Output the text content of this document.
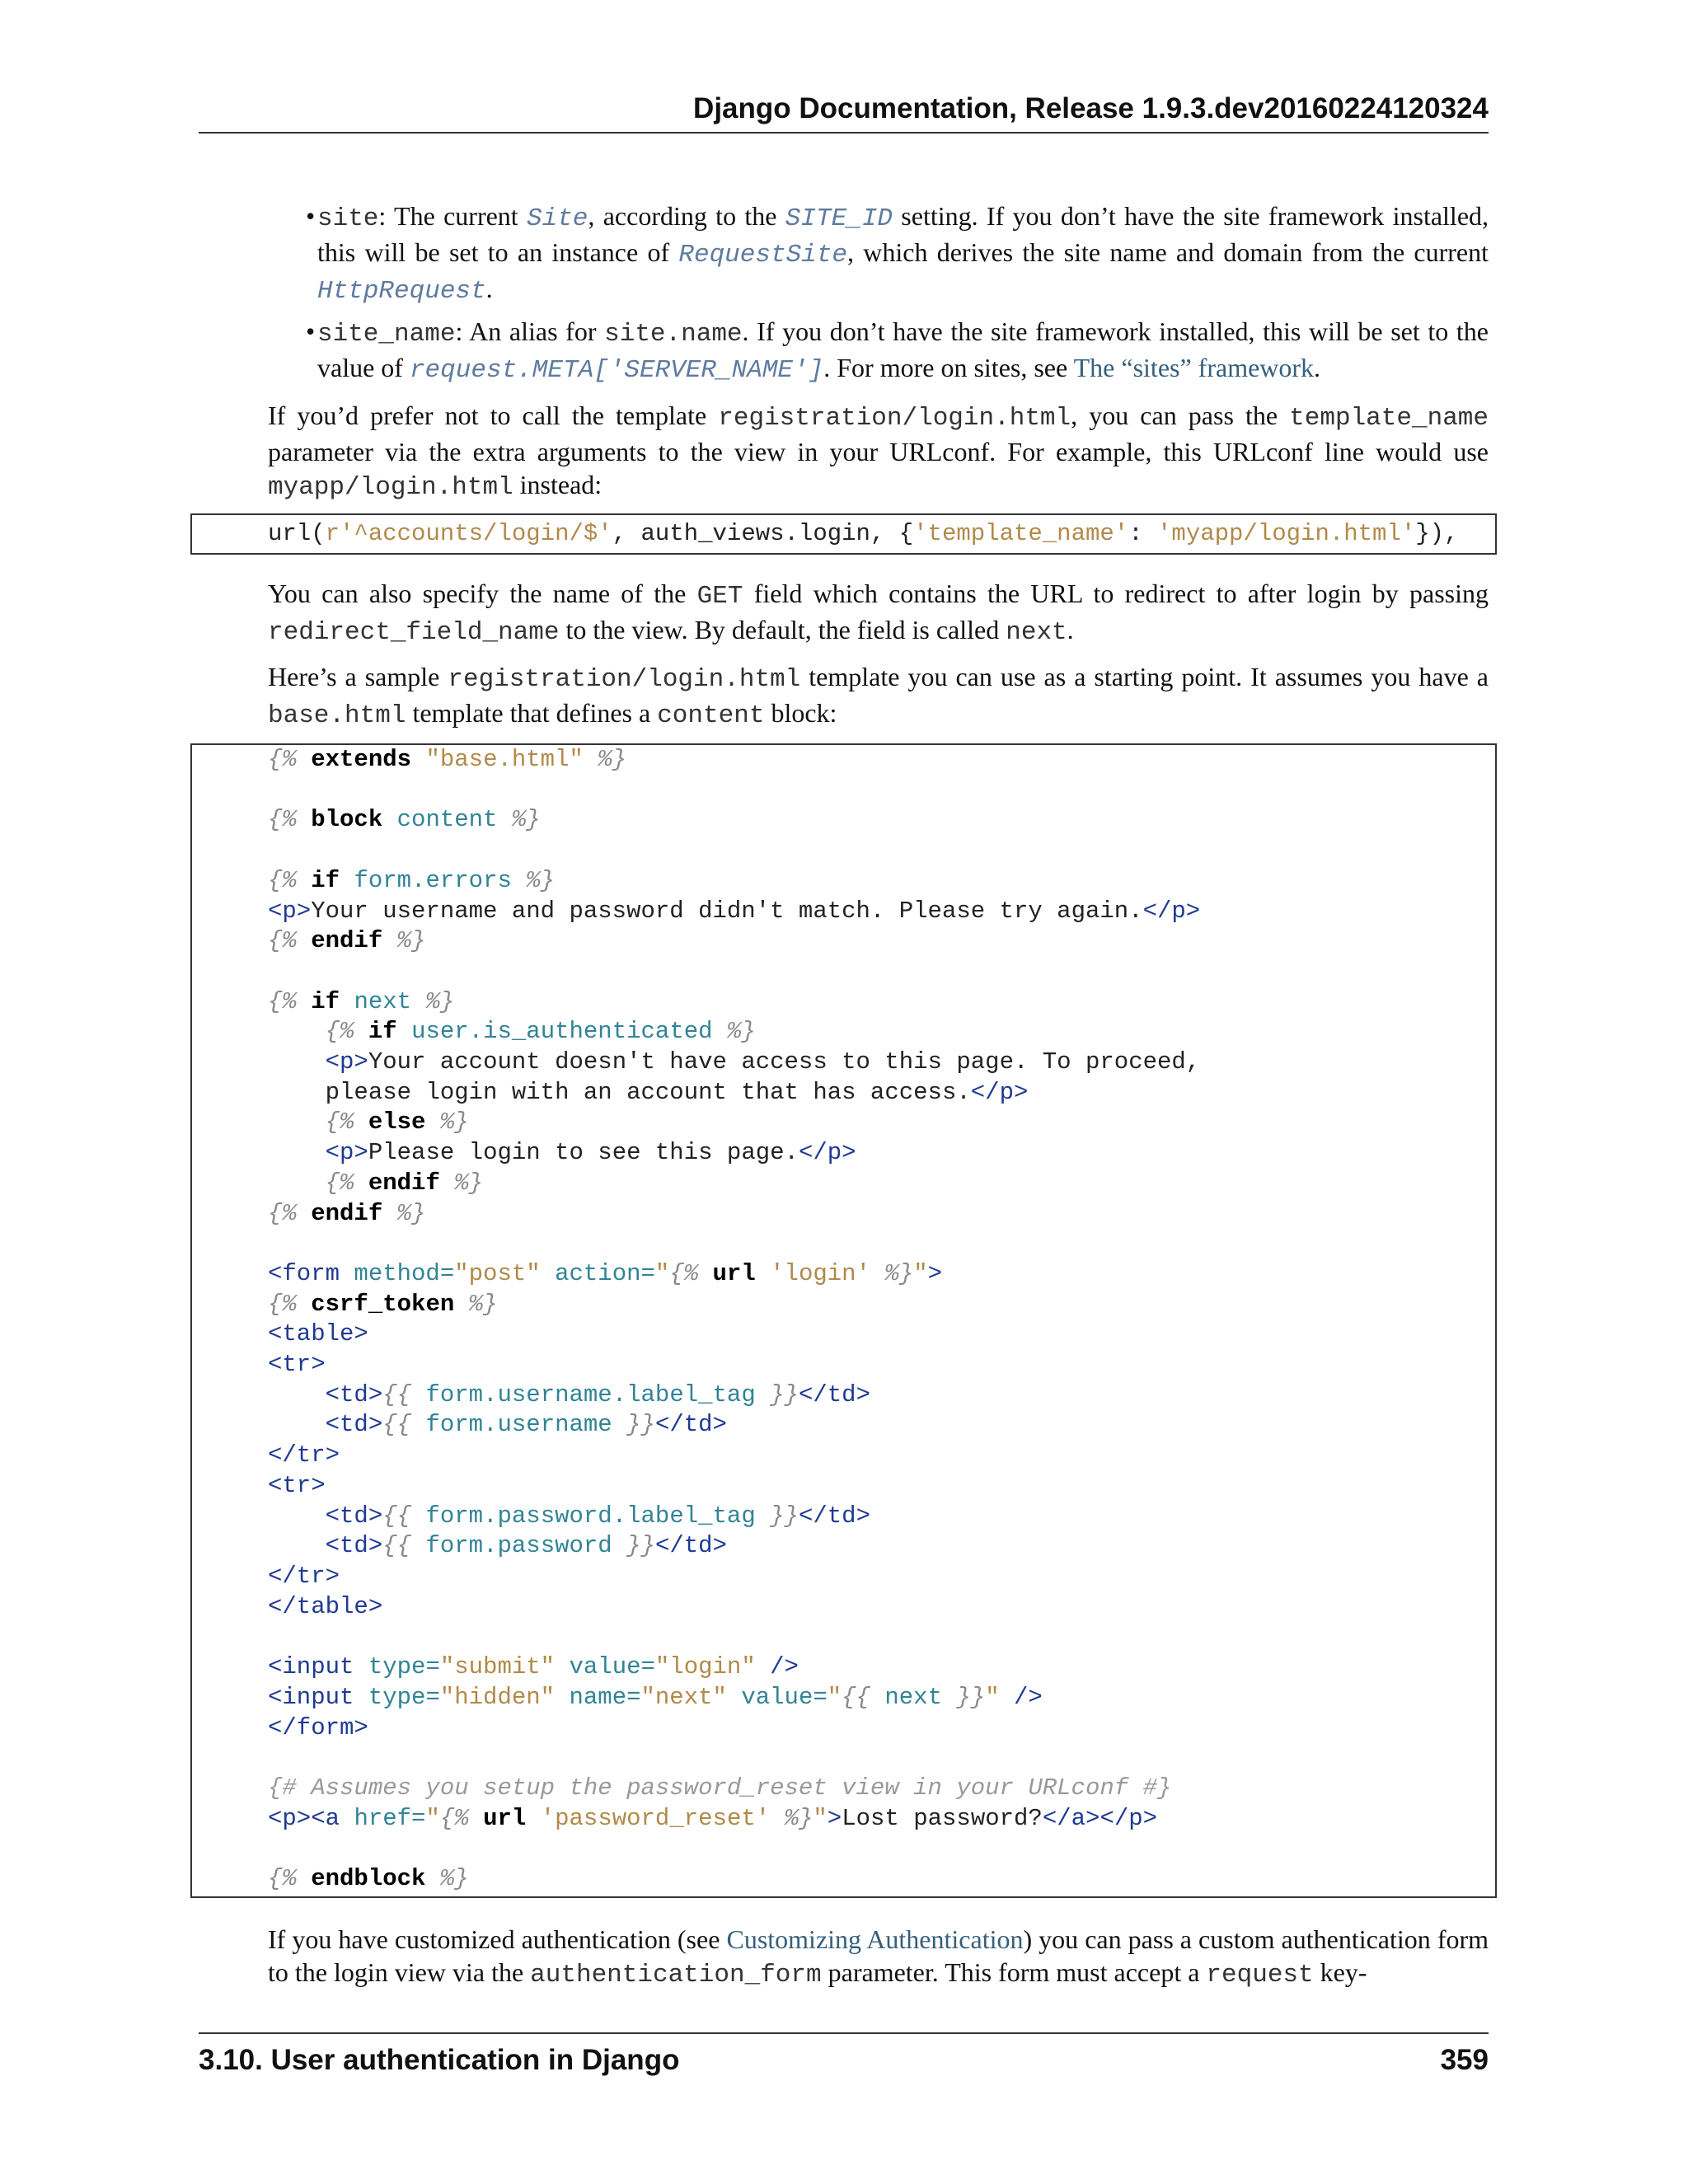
Django Documentation, Release 1.9.3.dev20160224120324
• site: The current Site, according to the SITE_ID setting. If you don’t have the site framework installed, this will be set to an instance of RequestSite, which derives the site name and domain from the current HttpRequest.
• site_name: An alias for site.name. If you don’t have the site framework installed, this will be set to the value of request.META['SERVER_NAME']. For more on sites, see The “sites” framework.
If you’d prefer not to call the template registration/login.html, you can pass the template_name parameter via the extra arguments to the view in your URLconf. For example, this URLconf line would use myapp/login.html instead:
url(r'^accounts/login/$', auth_views.login, {'template_name': 'myapp/login.html'}),
You can also specify the name of the GET field which contains the URL to redirect to after login by passing redirect_field_name to the view. By default, the field is called next.
Here’s a sample registration/login.html template you can use as a starting point. It assumes you have a base.html template that defines a content block:
{% extends "base.html" %}

{% block content %}

{% if form.errors %}
<p>Your username and password didn't match. Please try again.</p>
{% endif %}

{% if next %}
{% if user.is_authenticated %}
<p>Your account doesn't have access to this page. To proceed,
please login with an account that has access.</p>
{% else %}
<p>Please login to see this page.</p>
{% endif %}
{% endif %}

<form method="post" action="{% url 'login' %}">
{% csrf_token %}
<table>
<tr>
<td>{{ form.username.label_tag }}</td>
<td>{{ form.username }}</td>
</tr>
<tr>
<td>{{ form.password.label_tag }}</td>
<td>{{ form.password }}</td>
</tr>
</table>

<input type="submit" value="login" />
<input type="hidden" name="next" value="{{ next }}" />
</form>

{# Assumes you setup the password_reset view in your URLconf #}
<p><a href="{% url 'password_reset' %}">Lost password?</a></p>

{% endblock %}
If you have customized authentication (see Customizing Authentication) you can pass a custom authentication form to the login view via the authentication_form parameter. This form must accept a request key-
3.10. User authentication in Django	359
